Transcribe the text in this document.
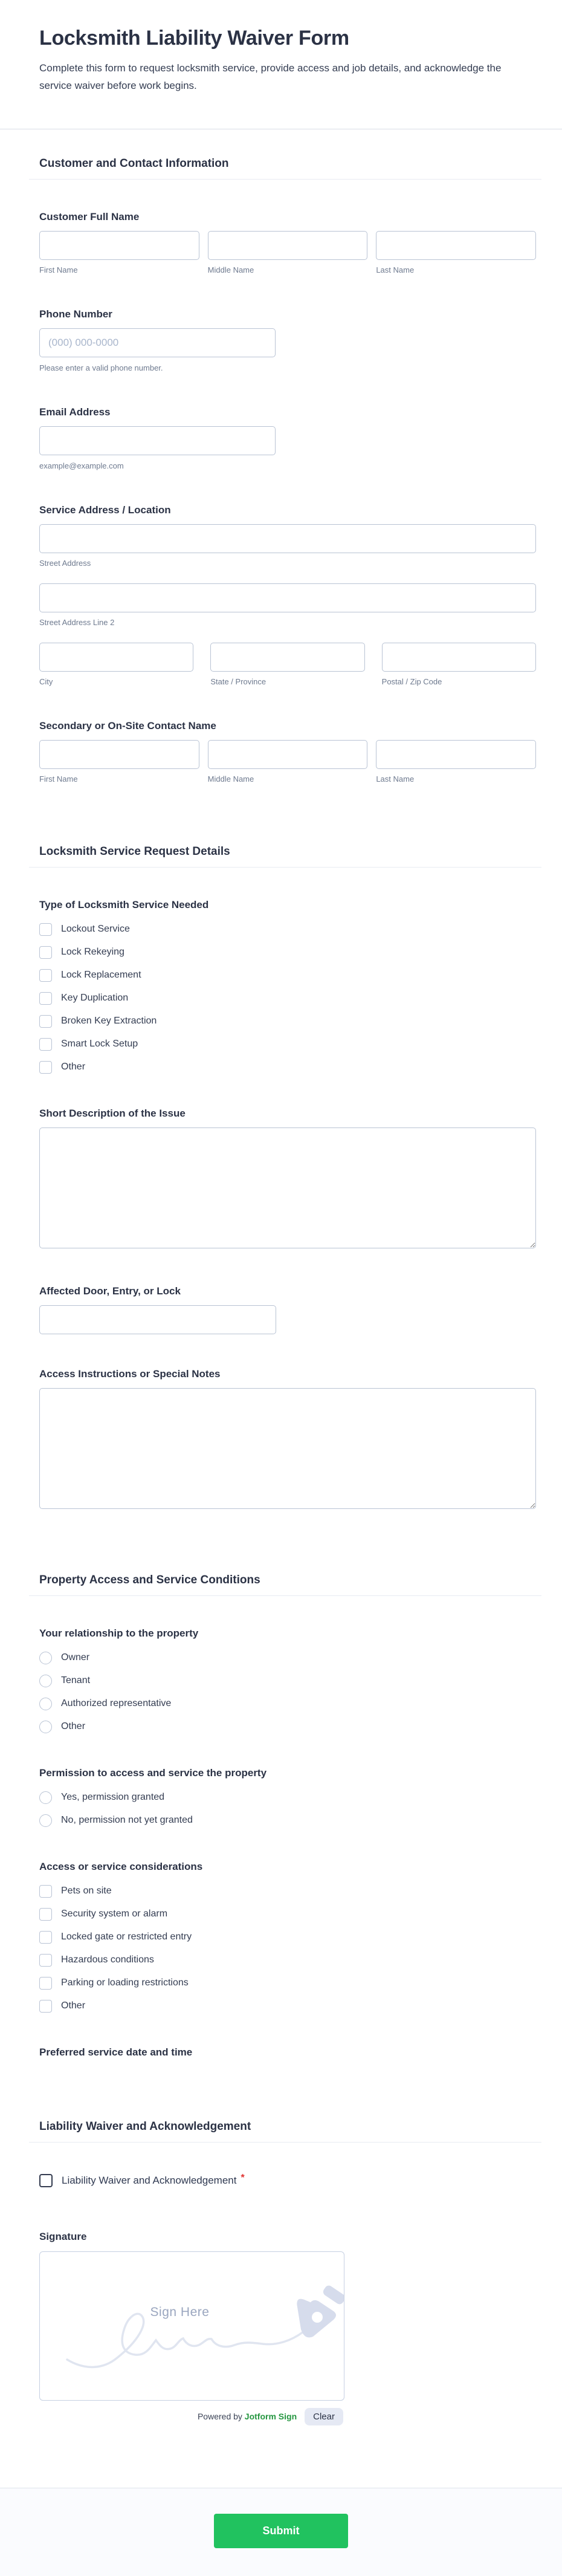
Locksmith Liability Waiver Form

Complete this form to request locksmith service, provide access and job details, and acknowledge the service waiver before work begins.

Customer and Contact Information
Customer Full Name
First Name	Middle Name	Last Name
Phone Number
(000) 000-0000
Please enter a valid phone number.
Email Address
example@example.com
Service Address / Location
Street Address
Street Address Line 2
City	State / Province	Postal / Zip Code
Secondary or On-Site Contact Name
First Name	Middle Name	Last Name
Locksmith Service Request Details
Type of Locksmith Service Needed
Lockout Service
Lock Rekeying
Lock Replacement
Key Duplication
Broken Key Extraction
Smart Lock Setup
Other
Short Description of the Issue
Affected Door, Entry, or Lock
Access Instructions or Special Notes
Property Access and Service Conditions
Your relationship to the property
Owner
Tenant
Authorized representative
Other
Permission to access and service the property
Yes, permission granted
No, permission not yet granted
Access or service considerations
Pets on site
Security system or alarm
Locked gate or restricted entry
Hazardous conditions
Parking or loading restrictions
Other
Preferred service date and time
Liability Waiver and Acknowledgement
Liability Waiver and Acknowledgement *
Signature
Sign Here
Powered by Jotform Sign	Clear
Submit
